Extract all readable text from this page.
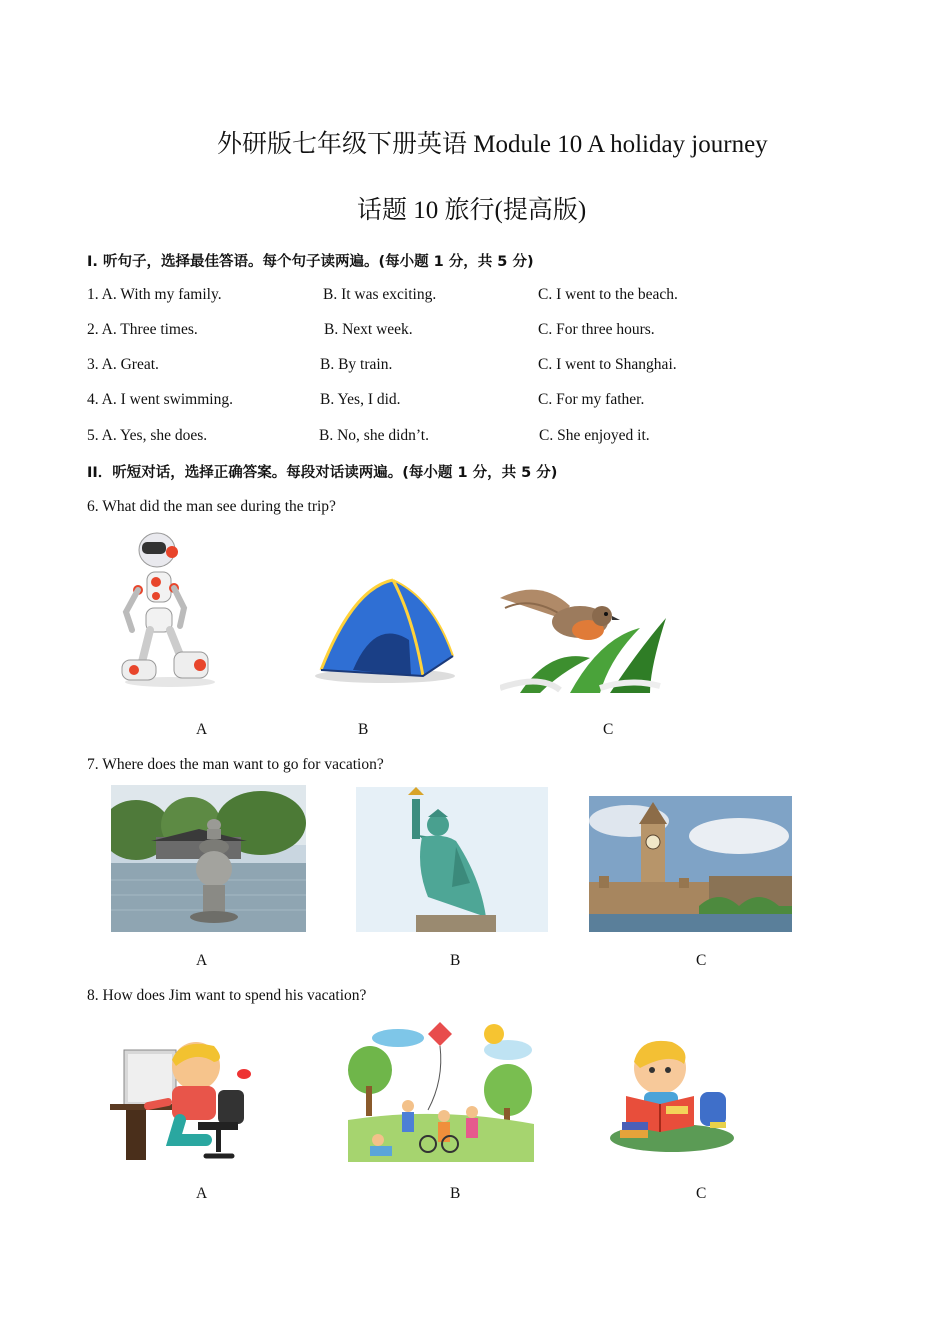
外研版七年级下册英语 Module 10 A holiday journey
话题 10 旅行(提高版)
I. 听句子，选择最佳答语。每个句子读两遍。(每小题 1 分，共 5 分)
1. A. With my family.	B. It was exciting.	C. I went to the beach.
2. A. Three times.	B. Next week.	C. For three hours.
3. A. Great.	B. By train.	C. I went to Shanghai.
4. A. I went swimming.	B. Yes, I did.	C. For my father.
5. A. Yes, she does.	B. No, she didn’t.	C. She enjoyed it.
II．听短对话，选择正确答案。每段对话读两遍。(每小题 1 分，共 5 分)
6. What did the man see during the trip?
A	B	C
7. Where does the man want to go for vacation?
A	B	C
8. How does Jim want to spend his vacation?
A	B	C
